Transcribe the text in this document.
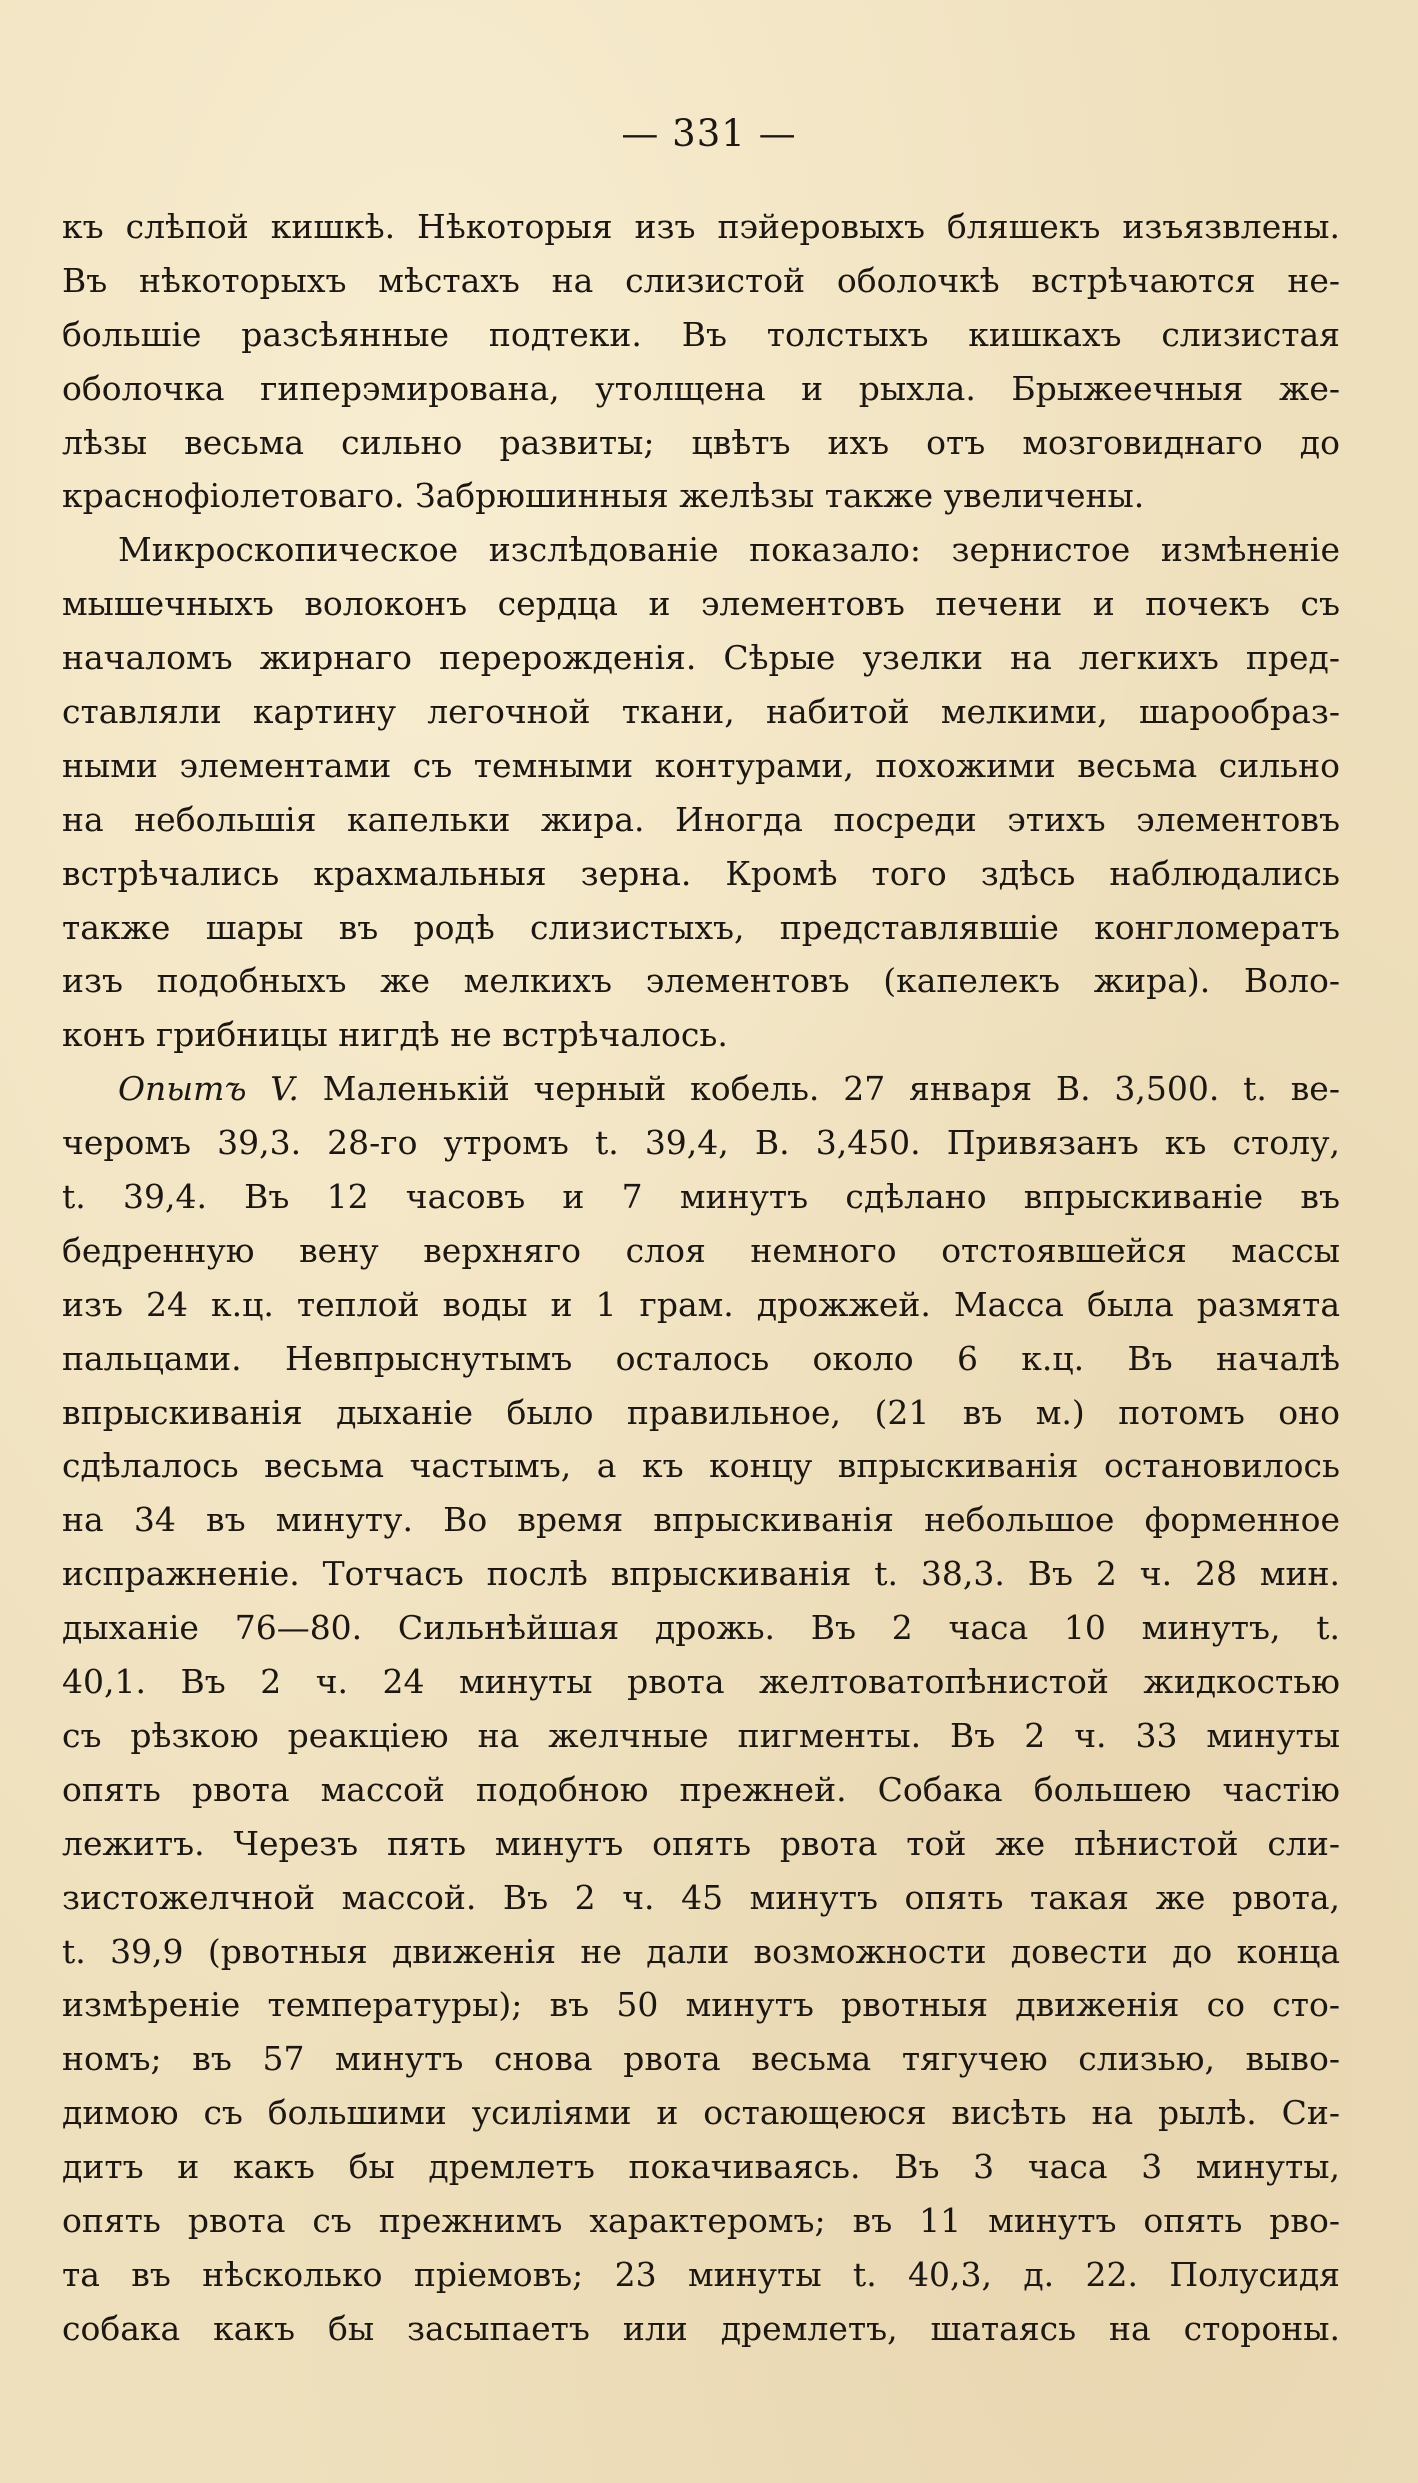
— 331 —
къ слѣпой кишкѣ. Нѣкоторыя изъ пэйеровыхъ бляшекъ изъязвлены.
Въ нѣкоторыхъ мѣстахъ на слизистой оболочкѣ встрѣчаются не-
большіе разсѣянные подтеки. Въ толстыхъ кишкахъ слизистая
оболочка гиперэмирована, утолщена и рыхла. Брыжеечныя же-
лѣзы весьма сильно развиты; цвѣтъ ихъ отъ мозговиднаго до
краснофіолетоваго. Забрюшинныя желѣзы также увеличены.
Микроскопическое изслѣдованіе показало: зернистое измѣненіе
мышечныхъ волоконъ сердца и элементовъ печени и почекъ съ
началомъ жирнаго перерожденія. Сѣрые узелки на легкихъ пред-
ставляли картину легочной ткани, набитой мелкими, шарообраз-
ными элементами съ темными контурами, похожими весьма сильно
на небольшія капельки жира. Иногда посреди этихъ элементовъ
встрѣчались крахмальныя зерна. Кромѣ того здѣсь наблюдались
также шары въ родѣ слизистыхъ, представлявшіе конгломератъ
изъ подобныхъ же мелкихъ элементовъ (капелекъ жира). Воло-
конъ грибницы нигдѣ не встрѣчалось.
Опытъ V. Маленькій черный кобель. 27 января В. 3,500. t. ве-
черомъ 39,3. 28-го утромъ t. 39,4, В. 3,450. Привязанъ къ столу,
t. 39,4. Въ 12 часовъ и 7 минутъ сдѣлано впрыскиваніе въ
бедренную вену верхняго слоя немного отстоявшейся массы
изъ 24 к.ц. теплой воды и 1 грам. дрожжей. Масса была размята
пальцами. Невпрыснутымъ осталось около 6 к.ц. Въ началѣ
впрыскиванія дыханіе было правильное, (21 въ м.) потомъ оно
сдѣлалось весьма частымъ, а къ концу впрыскиванія остановилось
на 34 въ минуту. Во время впрыскиванія небольшое форменное
испражненіе. Тотчасъ послѣ впрыскиванія t. 38,3. Въ 2 ч. 28 мин.
дыханіе 76—80. Сильнѣйшая дрожь. Въ 2 часа 10 минутъ, t.
40,1. Въ 2 ч. 24 минуты рвота желтоватопѣнистой жидкостью
съ рѣзкою реакціею на желчные пигменты. Въ 2 ч. 33 минуты
опять рвота массой подобною прежней. Собака большею частію
лежитъ. Черезъ пять минутъ опять рвота той же пѣнистой сли-
зистожелчной массой. Въ 2 ч. 45 минутъ опять такая же рвота,
t. 39,9 (рвотныя движенія не дали возможности довести до конца
измѣреніе температуры); въ 50 минутъ рвотныя движенія со сто-
номъ; въ 57 минутъ снова рвота весьма тягучею слизью, выво-
димою съ большими усиліями и остающеюся висѣть на рылѣ. Си-
дитъ и какъ бы дремлетъ покачиваясь. Въ 3 часа 3 минуты,
опять рвота съ прежнимъ характеромъ; въ 11 минутъ опять рво-
та въ нѣсколько пріемовъ; 23 минуты t. 40,3, д. 22. Полусидя
собака какъ бы засыпаетъ или дремлетъ, шатаясь на стороны.
